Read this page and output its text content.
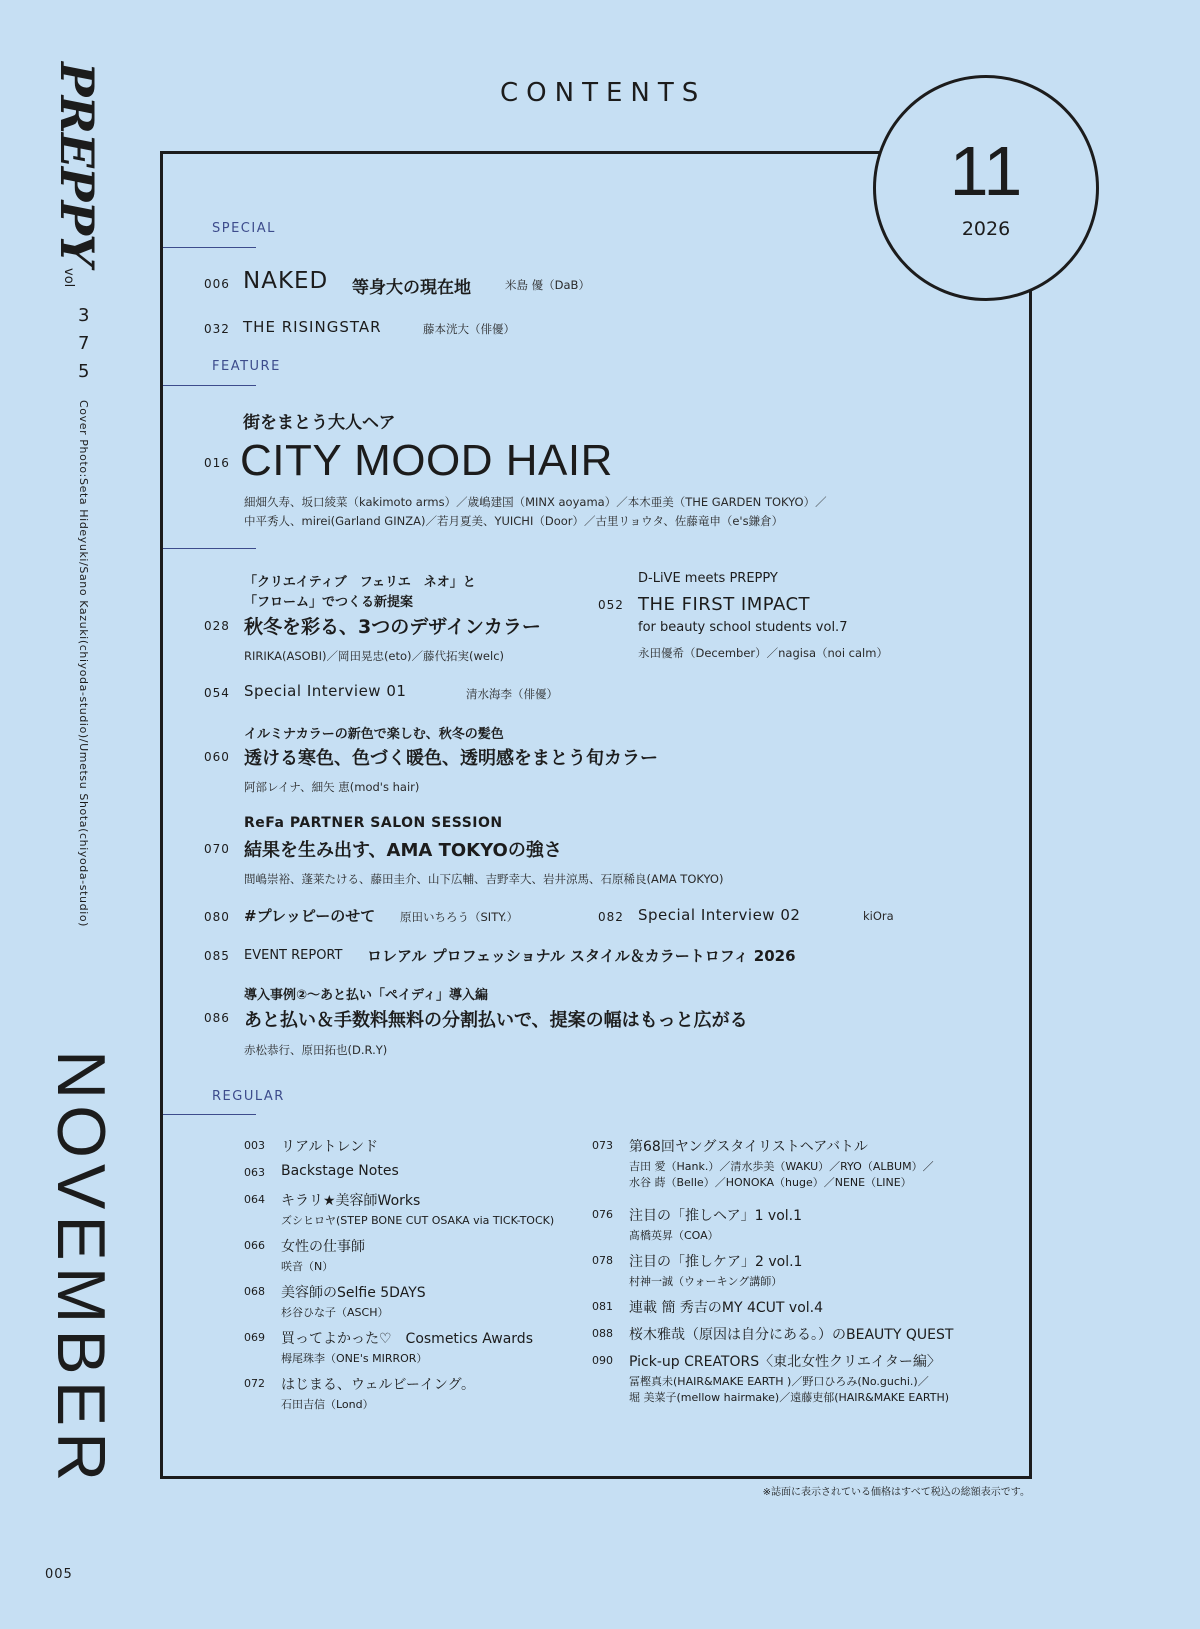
PREPPY
vol
3
7
5
Cover Photo:Seta Hideyuki/Sano Kazuki(chiyoda-studio)/Umetsu Shota(chiyoda-studio)
NOVEMBER
005
CONTENTS
11
2026
SPECIAL
006 NAKED 等身大の現在地	米島 優（DaB）
032 THE RISINGSTAR	藤本洸大（俳優）
FEATURE
街をまとう大人ヘア
016 CITY MOOD HAIR
細畑久寿、坂口綾菜（kakimoto arms）／歳嶋建国（MINX aoyama）／本木亜美（THE GARDEN TOKYO）／
中平秀人、mirei(Garland GINZA)／若月夏美、YUICHI（Door）／古里リョウタ、佐藤竜申（e's鎌倉）
「クリエイティブ　フェリエ　ネオ」と
「フローム」でつくる新提案
028 秋冬を彩る、3つのデザインカラー
RIRIKA(ASOBI)／岡田晃忠(eto)／藤代拓実(welc)
D-LiVE meets PREPPY
052 THE FIRST IMPACT
for beauty school students vol.7
永田優希（December）／nagisa（noi calm）
054 Special Interview 01	清水海李（俳優）
イルミナカラーの新色で楽しむ、秋冬の髪色
060 透ける寒色、色づく暖色、透明感をまとう旬カラー
阿部レイナ、細矢 恵(mod's hair)
ReFa PARTNER SALON SESSION
070 結果を生み出す、AMA TOKYOの強さ
間嶋崇裕、蓬莱たける、藤田圭介、山下広輔、吉野幸大、岩井涼馬、石原稀良(AMA TOKYO)
080 #プレッピーのせて 原田いちろう（SITY.）	082 Special Interview 02	kiOra
085 EVENT REPORT ロレアル プロフェッショナル スタイル＆カラートロフィ 2026
導入事例②～あと払い「ペイディ」導入編
086 あと払い＆手数料無料の分割払いで、提案の幅はもっと広がる
赤松恭行、原田拓也(D.R.Y)
REGULAR
003 リアルトレンド
063 Backstage Notes
064 キラリ★美容師Works
ズシヒロヤ(STEP BONE CUT OSAKA via TICK-TOCK)
066 女性の仕事師
咲音（N）
068 美容師のSelfie 5DAYS
杉谷ひな子（ASCH）
069 買ってよかった♡　Cosmetics Awards
栂尾珠李（ONE's MIRROR）
072 はじまる、ウェルビーイング。
石田吉信（Lond）
073 第68回ヤングスタイリストヘアバトル
吉田 愛（Hank.）／清水歩美（WAKU）／RYO（ALBUM）／
水谷 蒔（Belle）／HONOKA（huge）／NENE（LINE）
076 注目の「推しヘア」1 vol.1
髙橋英昇（COA）
078 注目の「推しケア」2 vol.1
村神一誠（ウォーキング講師）
081 連載 簡 秀吉のMY 4CUT vol.4
088 桜木雅哉（原因は自分にある。）のBEAUTY QUEST
090 Pick-up CREATORS〈東北女性クリエイター編〉
冨樫真未(HAIR&MAKE EARTH )／野口ひろみ(No.guchi.)／
堀 美菜子(mellow hairmake)／遠藤吏郁(HAIR&MAKE EARTH)
※誌面に表示されている価格はすべて税込の総額表示です。
